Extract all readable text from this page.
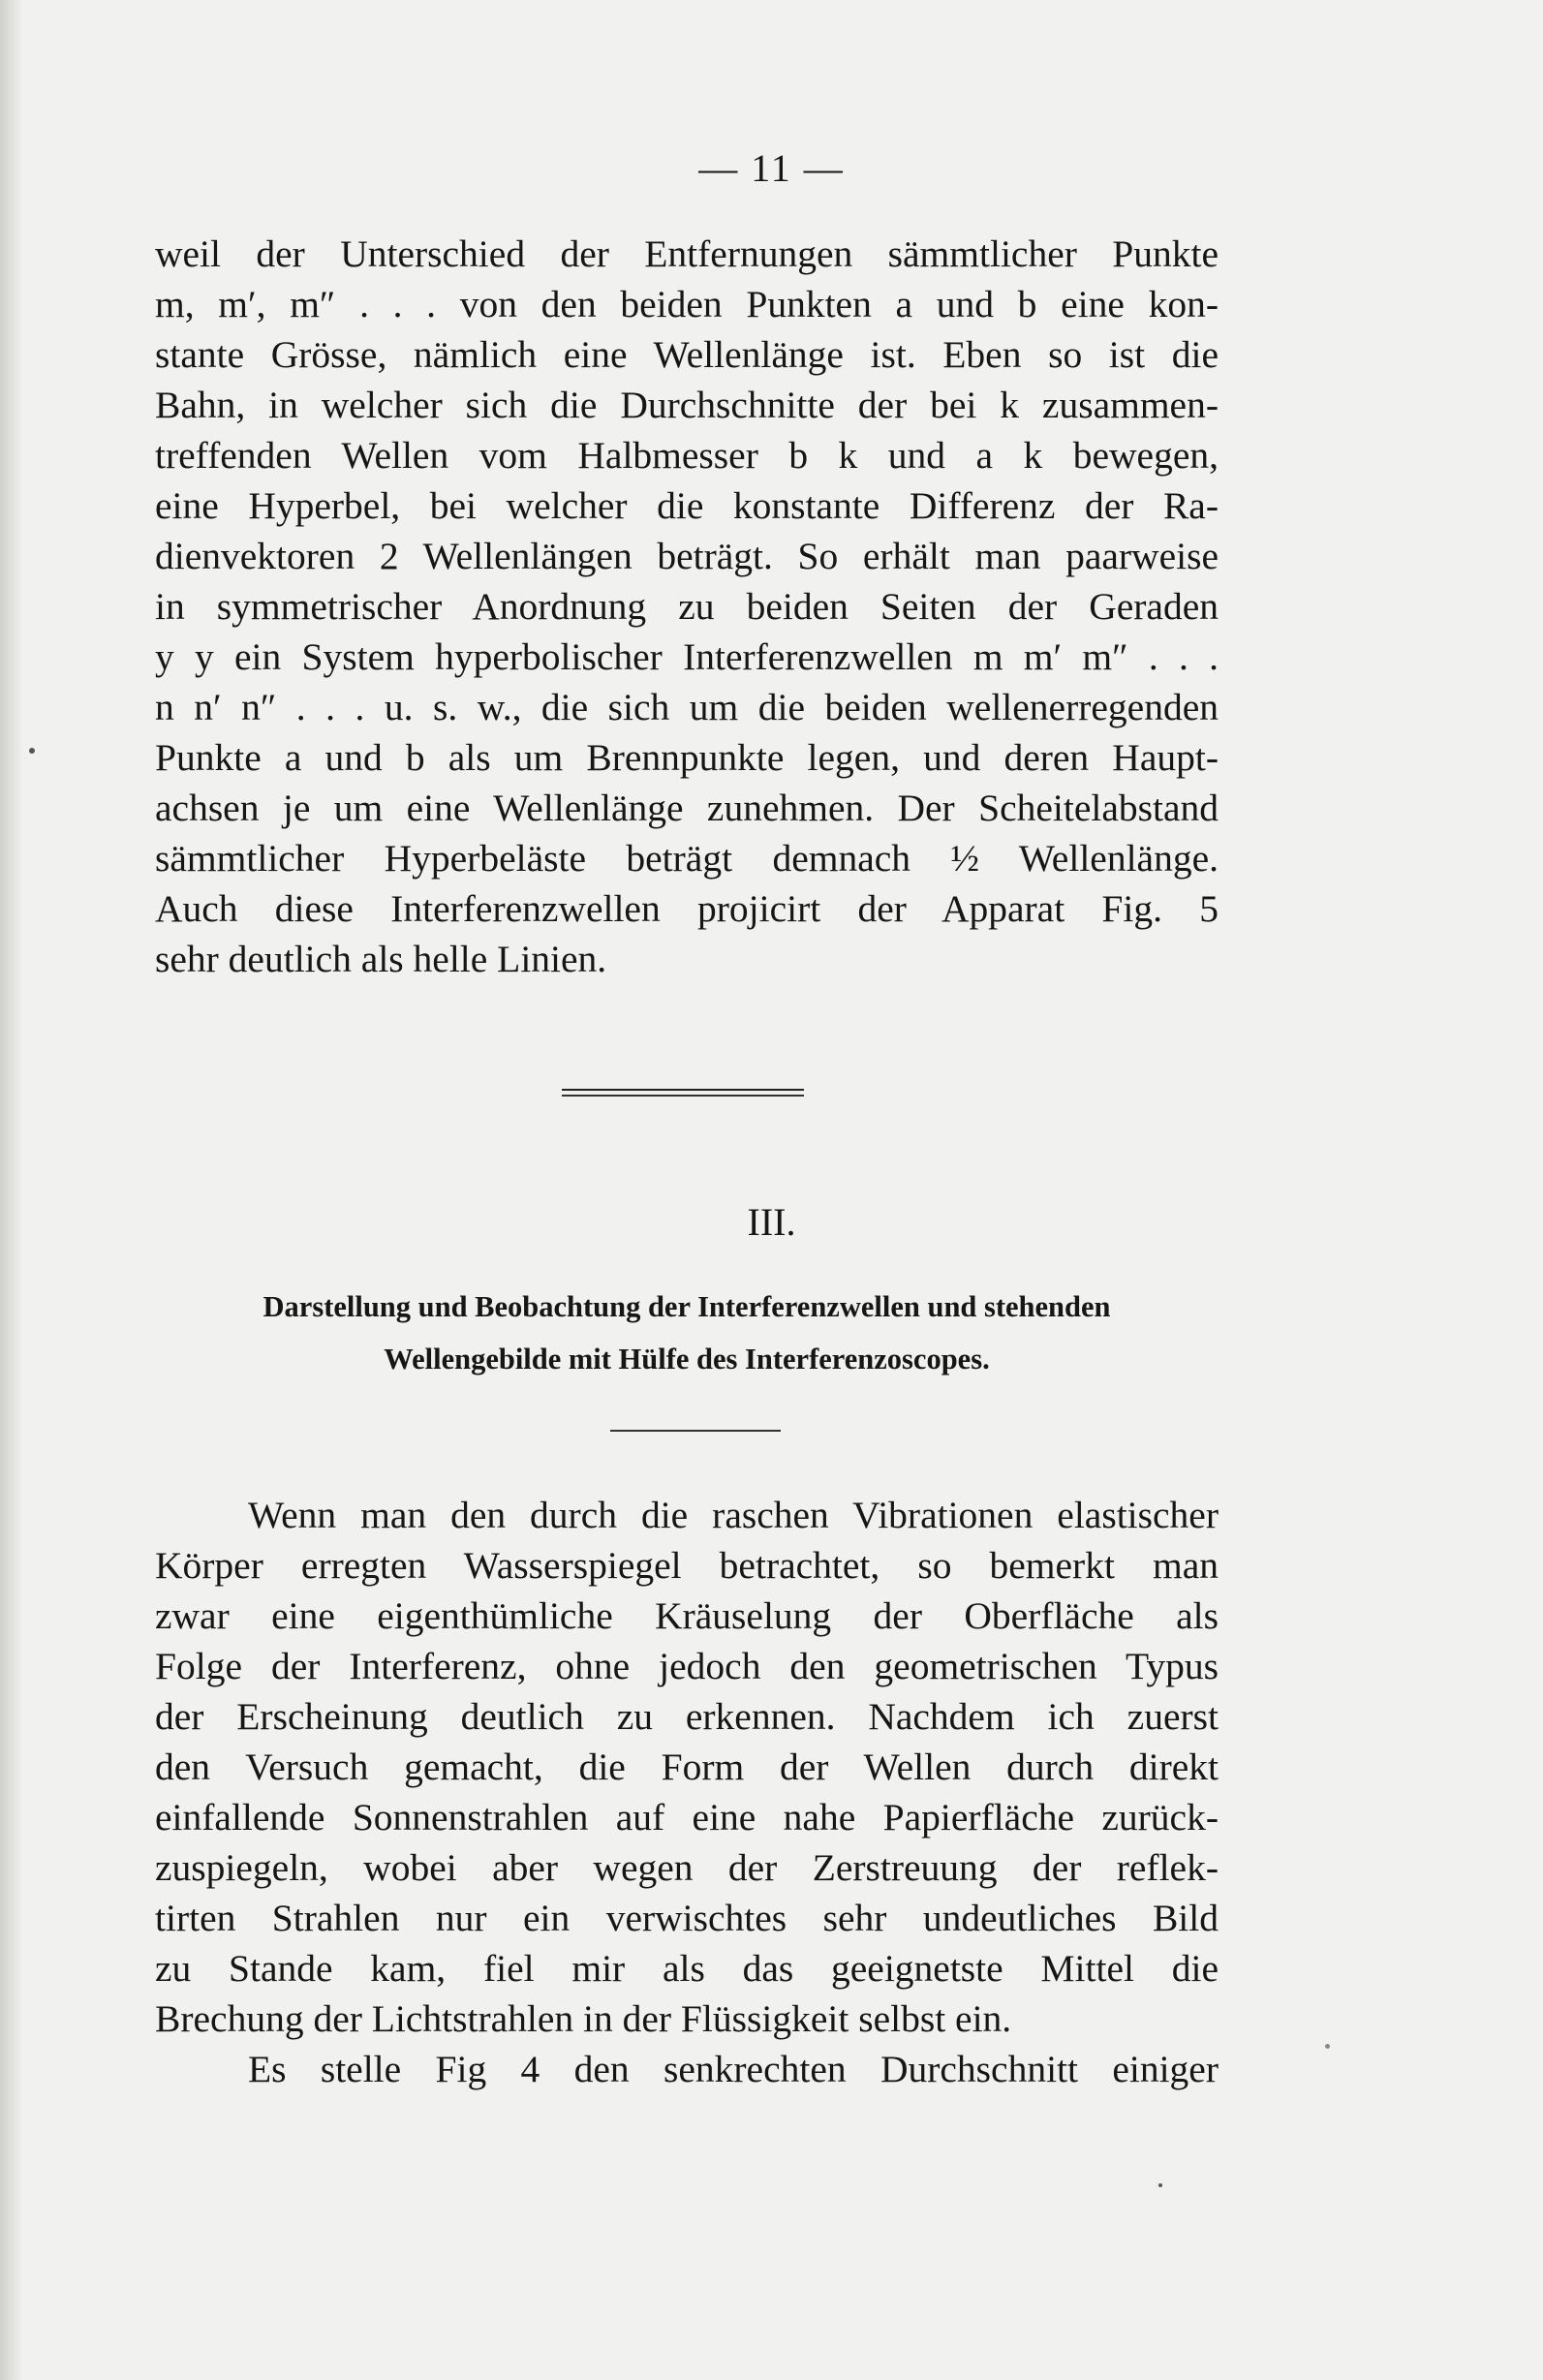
— 11 —
weil der Unterschied der Entfernungen sämmtlicher Punkte
m, m′, m″ . . . von den beiden Punkten a und b eine kon-
stante Grösse, nämlich eine Wellenlänge ist. Eben so ist die
Bahn, in welcher sich die Durchschnitte der bei k zusammen-
treffenden Wellen vom Halbmesser b k und a k bewegen,
eine Hyperbel, bei welcher die konstante Differenz der Ra-
dienvektoren 2 Wellenlängen beträgt. So erhält man paarweise
in symmetrischer Anordnung zu beiden Seiten der Geraden
y y ein System hyperbolischer Interferenzwellen m m′ m″ . . .
n n′ n″ . . . u. s. w., die sich um die beiden wellenerregenden
Punkte a und b als um Brennpunkte legen, und deren Haupt-
achsen je um eine Wellenlänge zunehmen. Der Scheitelabstand
sämmtlicher Hyperbeläste beträgt demnach ½ Wellenlänge.
Auch diese Interferenzwellen projicirt der Apparat Fig. 5
sehr deutlich als helle Linien.
III.
Darstellung und Beobachtung der Interferenzwellen und stehenden
Wellengebilde mit Hülfe des Interferenzoscopes.
Wenn man den durch die raschen Vibrationen elastischer
Körper erregten Wasserspiegel betrachtet, so bemerkt man
zwar eine eigenthümliche Kräuselung der Oberfläche als
Folge der Interferenz, ohne jedoch den geometrischen Typus
der Erscheinung deutlich zu erkennen. Nachdem ich zuerst
den Versuch gemacht, die Form der Wellen durch direkt
einfallende Sonnenstrahlen auf eine nahe Papierfläche zurück-
zuspiegeln, wobei aber wegen der Zerstreuung der reflek-
tirten Strahlen nur ein verwischtes sehr undeutliches Bild
zu Stande kam, fiel mir als das geeignetste Mittel die
Brechung der Lichtstrahlen in der Flüssigkeit selbst ein.
Es stelle Fig 4 den senkrechten Durchschnitt einiger
